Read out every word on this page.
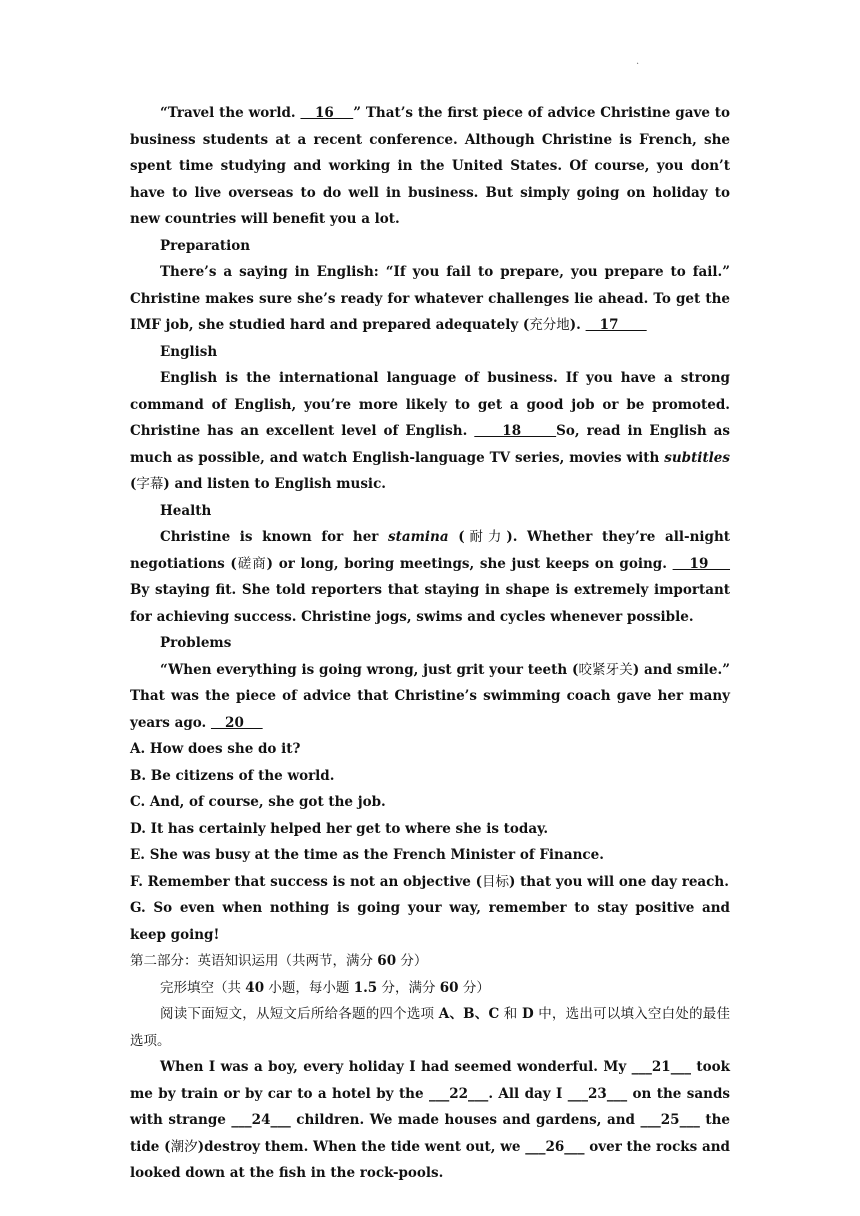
.

“Travel the world.    16    ” That’s the first piece of advice Christine gave to business students at a recent conference. Although Christine is French, she spent time studying and working in the United States. Of course, you don’t have to live overseas to do well in business. But simply going on holiday to new countries will benefit you a lot.

Preparation

There’s a saying in English: “If you fail to prepare, you prepare to fail.” Christine makes sure she’s ready for whatever challenges lie ahead. To get the IMF job, she studied hard and prepared adequately (充分地).    17

English

English is the international language of business. If you have a strong command of English, you’re more likely to get a good job or be promoted. Christine has an excellent level of English.     18     So, read in English as much as possible, and watch English-language TV series, movies with subtitles (字幕) and listen to English music.

Health

Christine is known for her stamina (耐力). Whether they’re all-night negotiations (磋商) or long, boring meetings, she just keeps on going.    19     By staying fit. She told reporters that staying in shape is extremely important for achieving success. Christine jogs, swims and cycles whenever possible.

Problems

“When everything is going wrong, just grit your teeth (咬紧牙关) and smile.” That was the piece of advice that Christine’s swimming coach gave her many years ago.    20

A. How does she do it?

B. Be citizens of the world.

C. And, of course, she got the job.

D. It has certainly helped her get to where she is today.

E. She was busy at the time as the French Minister of Finance.

F. Remember that success is not an objective (目标) that you will one day reach.

G. So even when nothing is going your way, remember to stay positive and keep going!

第二部分：英语知识运用（共两节，满分 60 分）

完形填空（共 40 小题，每小题 1.5 分，满分 60 分）

阅读下面短文，从短文后所给各题的四个选项 A、B、C 和 D 中，选出可以填入空白处的最佳选项。

When I was a boy, every holiday I had seemed wonderful. My ___21___ took me by train or by car to a hotel by the ___22___. All day I ___23___ on the sands with strange ___24___ children. We made houses and gardens, and ___25___ the tide (潮汐)destroy them. When the tide went out, we ___26___ over the rocks and looked down at the fish in the rock-pools.
